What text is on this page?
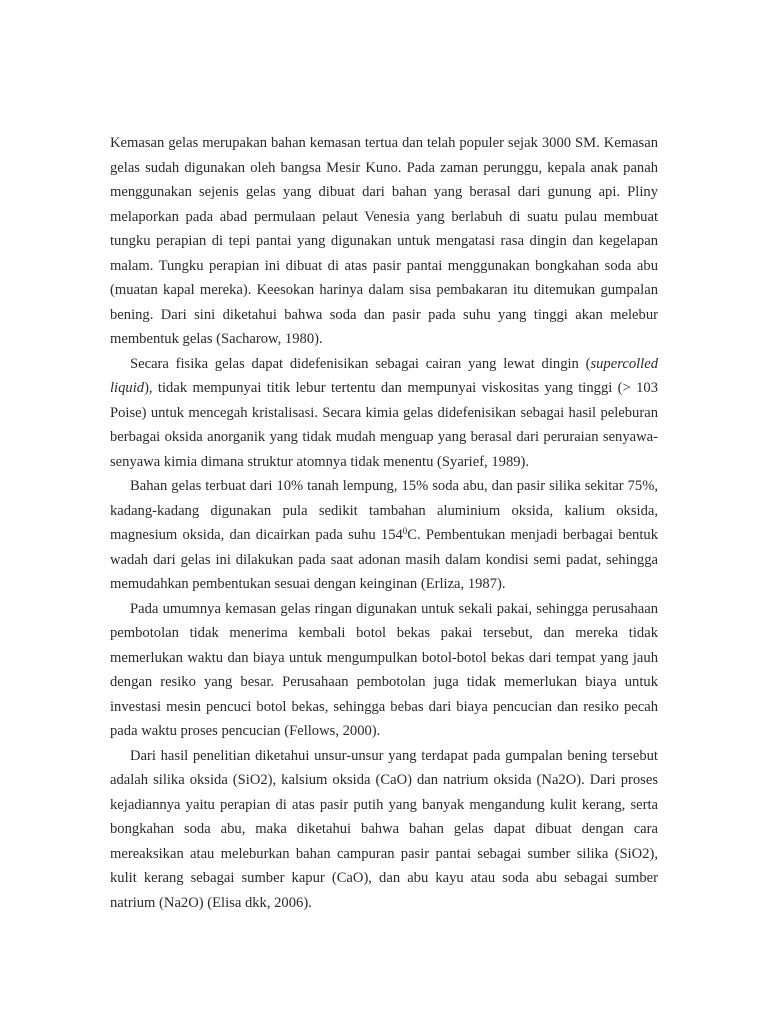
Kemasan gelas merupakan bahan kemasan tertua dan telah populer sejak 3000 SM. Kemasan gelas sudah digunakan oleh bangsa Mesir Kuno. Pada zaman perunggu, kepala anak panah menggunakan sejenis gelas yang dibuat dari bahan yang berasal dari gunung api. Pliny melaporkan pada abad permulaan pelaut Venesia yang berlabuh di suatu pulau membuat tungku perapian di tepi pantai yang digunakan untuk mengatasi rasa dingin dan kegelapan malam. Tungku perapian ini dibuat di atas pasir pantai menggunakan bongkahan soda abu (muatan kapal mereka). Keesokan harinya dalam sisa pembakaran itu ditemukan gumpalan bening. Dari sini diketahui bahwa soda dan pasir pada suhu yang tinggi akan melebur membentuk gelas (Sacharow, 1980).

Secara fisika gelas dapat didefenisikan sebagai cairan yang lewat dingin (supercolled liquid), tidak mempunyai titik lebur tertentu dan mempunyai viskositas yang tinggi (> 103 Poise) untuk mencegah kristalisasi. Secara kimia gelas didefenisikan sebagai hasil peleburan berbagai oksida anorganik yang tidak mudah menguap yang berasal dari peruraian senyawa-senyawa kimia dimana struktur atomnya tidak menentu (Syarief, 1989).

Bahan gelas terbuat dari 10% tanah lempung, 15% soda abu, dan pasir silika sekitar 75%, kadang-kadang digunakan pula sedikit tambahan aluminium oksida, kalium oksida, magnesium oksida, dan dicairkan pada suhu $154^0C$. Pembentukan menjadi berbagai bentuk wadah dari gelas ini dilakukan pada saat adonan masih dalam kondisi semi padat, sehingga memudahkan pembentukan sesuai dengan keinginan (Erliza, 1987).

Pada umumnya kemasan gelas ringan digunakan untuk sekali pakai, sehingga perusahaan pembotolan tidak menerima kembali botol bekas pakai tersebut, dan mereka tidak memerlukan waktu dan biaya untuk mengumpulkan botol-botol bekas dari tempat yang jauh dengan resiko yang besar. Perusahaan pembotolan juga tidak memerlukan biaya untuk investasi mesin pencuci botol bekas, sehingga bebas dari biaya pencucian dan resiko pecah pada waktu proses pencucian (Fellows, 2000).

Dari hasil penelitian diketahui unsur-unsur yang terdapat pada gumpalan bening tersebut adalah silika oksida (SiO2), kalsium oksida (CaO) dan natrium oksida (Na2O). Dari proses kejadiannya yaitu perapian di atas pasir putih yang banyak mengandung kulit kerang, serta bongkahan soda abu, maka diketahui bahwa bahan gelas dapat dibuat dengan cara mereaksikan atau meleburkan bahan campuran pasir pantai sebagai sumber silika (SiO2), kulit kerang sebagai sumber kapur (CaO), dan abu kayu atau soda abu sebagai sumber natrium (Na2O) (Elisa dkk, 2006).
